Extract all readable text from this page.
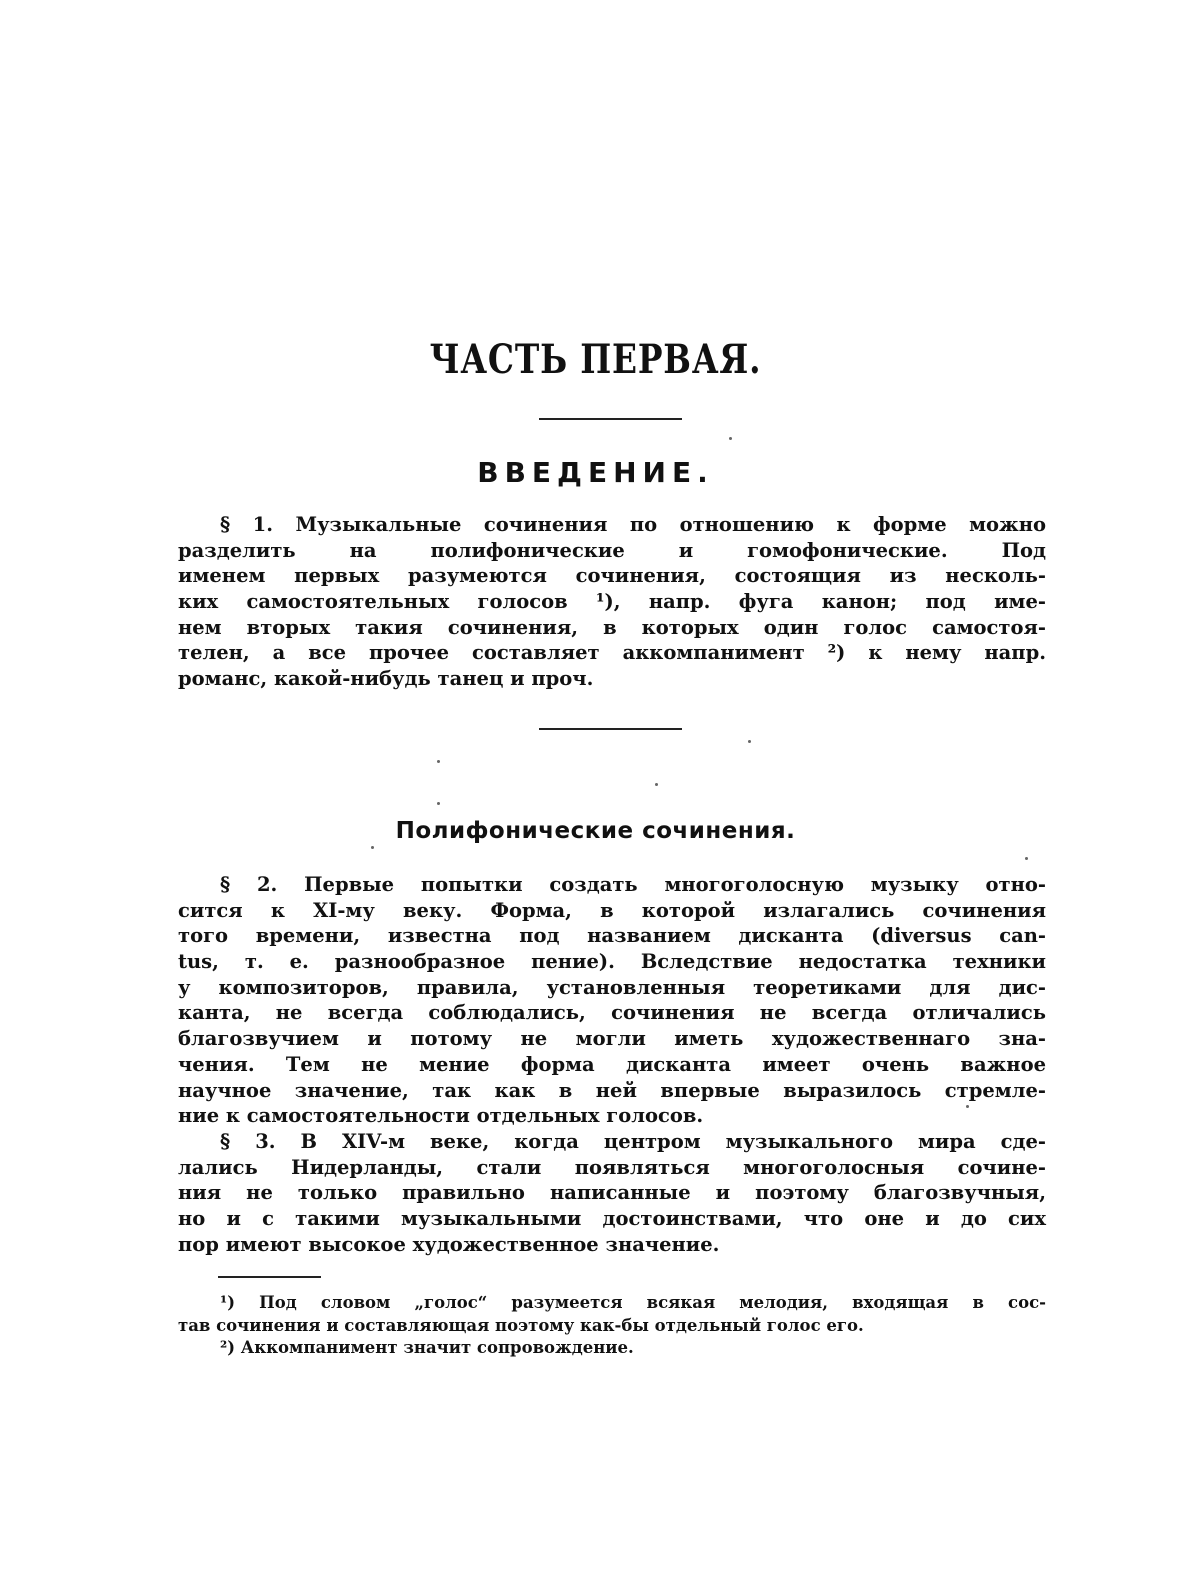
ЧАСТЬ ПЕРВАЯ.
ВВЕДЕНИЕ.
§ 1. Музыкальные сочинения по отношению к форме можно
разделить на полифонические и гомофонические. Под
именем первых разумеются сочинения, состоящия из несколь-
ких самостоятельных голосов ¹), напр. фуга канон; под име-
нем вторых такия сочинения, в которых один голос самостоя-
телен, а все прочее составляет аккомпанимент ²) к нему напр.
романс, какой-нибудь танец и проч.
Полифонические сочинения.
§ 2. Первые попытки создать многоголосную музыку отно-
сится к XI-му веку. Форма, в которой излагались сочинения
того времени, известна под названием дисканта (diversus can-
tus, т. е. разнообразное пение). Вследствие недостатка техники
у композиторов, правила, установленныя теоретиками для дис-
канта, не всегда соблюдались, сочинения не всегда отличались
благозвучием и потому не могли иметь художественнаго зна-
чения. Тем не мение форма дисканта имеет очень важное
научное значение, так как в ней впервые выразилось стремле-
ние к самостоятельности отдельных голосов.
§ 3. В XIV-м веке, когда центром музыкального мира сде-
лались Нидерланды, стали появляться многоголосныя сочине-
ния не только правильно написанные и поэтому благозвучныя,
но и с такими музыкальными достоинствами, что оне и до сих
пор имеют высокое художественное значение.
¹) Под словом „голос“ разумеется всякая мелодия, входящая в сос-
тав сочинения и составляющая поэтому как-бы отдельный голос его.
²) Аккомпанимент значит сопровождение.
